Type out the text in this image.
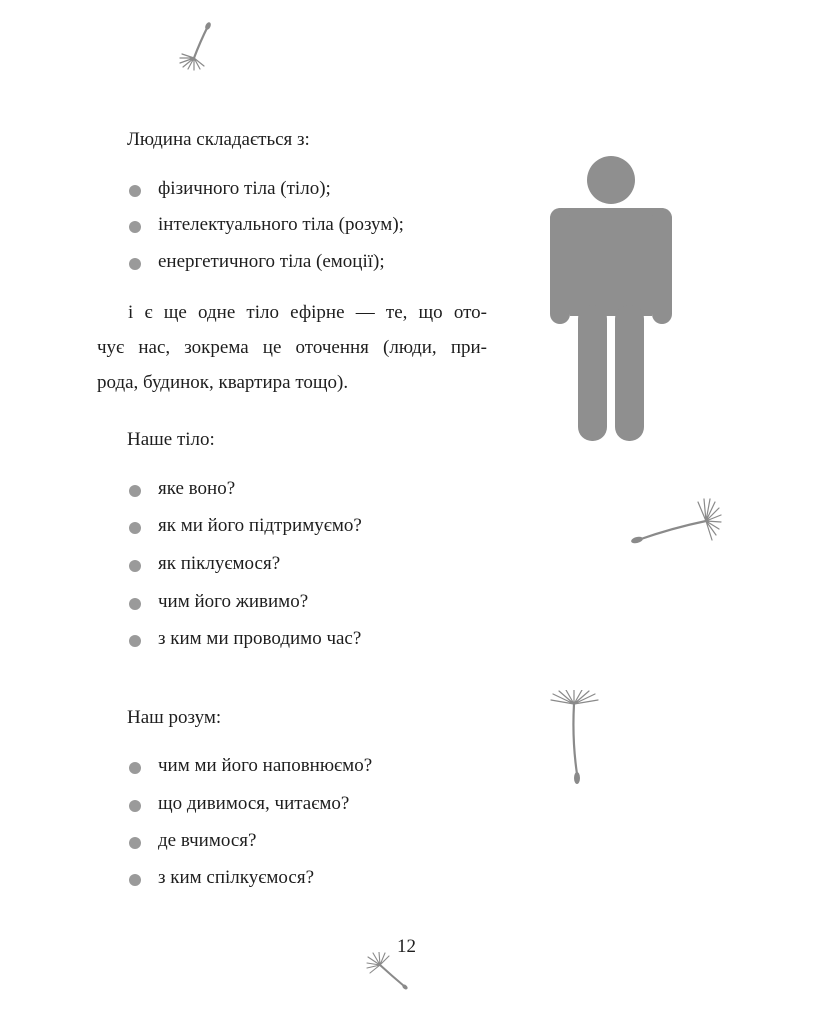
Людина складається з:
фізичного тіла (тіло);
інтелектуального тіла (розум);
енергетичного тіла (емоції);
і є ще одне тіло ефірне — те, що ото-
чує нас, зокрема це оточення (люди, при-
рода, будинок, квартира тощо).
Наше тіло:
яке воно?
як ми його підтримуємо?
як піклуємося?
чим його живимо?
з ким ми проводимо час?
Наш розум:
чим ми його наповнюємо?
що дивимося, читаємо?
де вчимося?
з ким спілкуємося?
12
